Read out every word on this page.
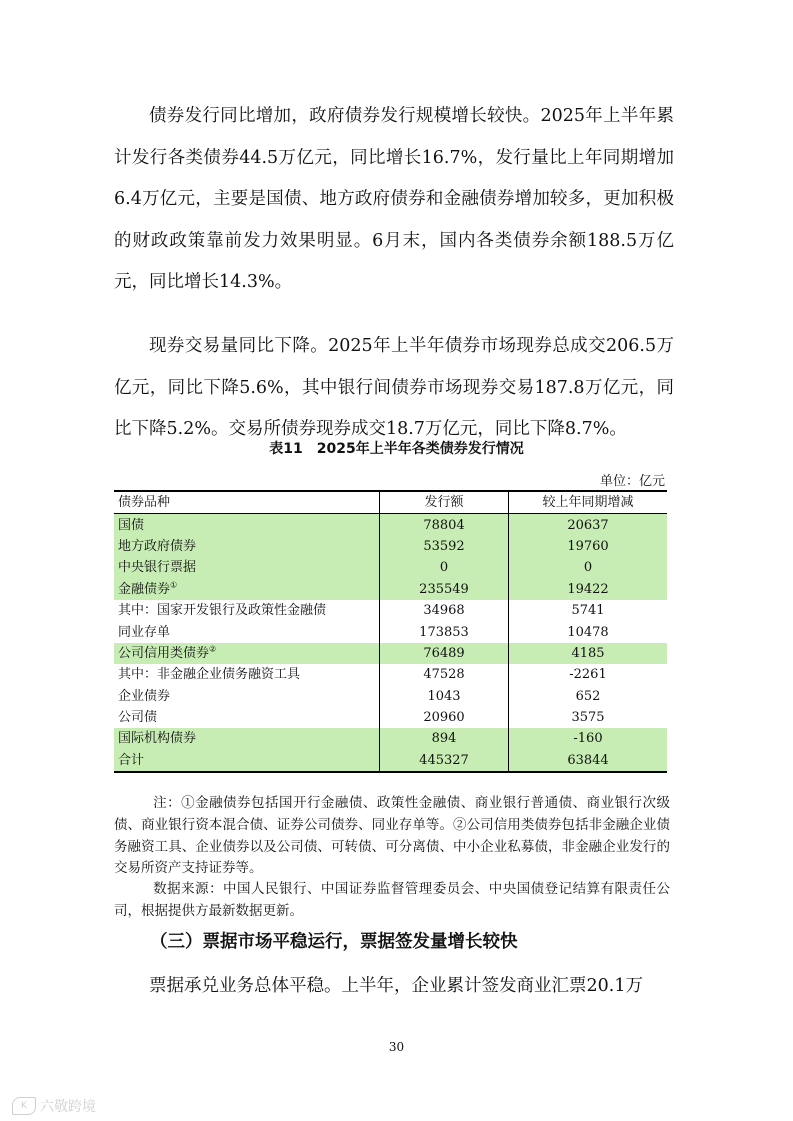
债券发行同比增加，政府债券发行规模增长较快。2025年上半年累计发行各类债券44.5万亿元，同比增长16.7%，发行量比上年同期增加6.4万亿元，主要是国债、地方政府债券和金融债券增加较多，更加积极的财政政策靠前发力效果明显。6月末，国内各类债券余额188.5万亿元，同比增长14.3%。

现券交易量同比下降。2025年上半年债券市场现券总成交206.5万亿元，同比下降5.6%，其中银行间债券市场现券交易187.8万亿元，同比下降5.2%。交易所债券现券成交18.7万亿元，同比下降8.7%。

表11　2025年上半年各类债券发行情况
单位：亿元
债券品种	发行额	较上年同期增减
国债	78804	20637
地方政府债券	53592	19760
中央银行票据	0	0
金融债券①	235549	19422
其中：国家开发银行及政策性金融债	34968	5741
同业存单	173853	10478
公司信用类债券②	76489	4185
其中：非金融企业债务融资工具	47528	-2261
企业债券	1043	652
公司债	20960	3575
国际机构债券	894	-160
合计	445327	63844

注：①金融债券包括国开行金融债、政策性金融债、商业银行普通债、商业银行次级债、商业银行资本混合债、证券公司债券、同业存单等。②公司信用类债券包括非金融企业债务融资工具、企业债券以及公司债、可转债、可分离债、中小企业私募债，非金融企业发行的交易所资产支持证券等。

数据来源：中国人民银行、中国证券监督管理委员会、中央国债登记结算有限责任公司，根据提供方最新数据更新。

（三）票据市场平稳运行，票据签发量增长较快

票据承兑业务总体平稳。上半年，企业累计签发商业汇票20.1万

30
K 六敬跨境
